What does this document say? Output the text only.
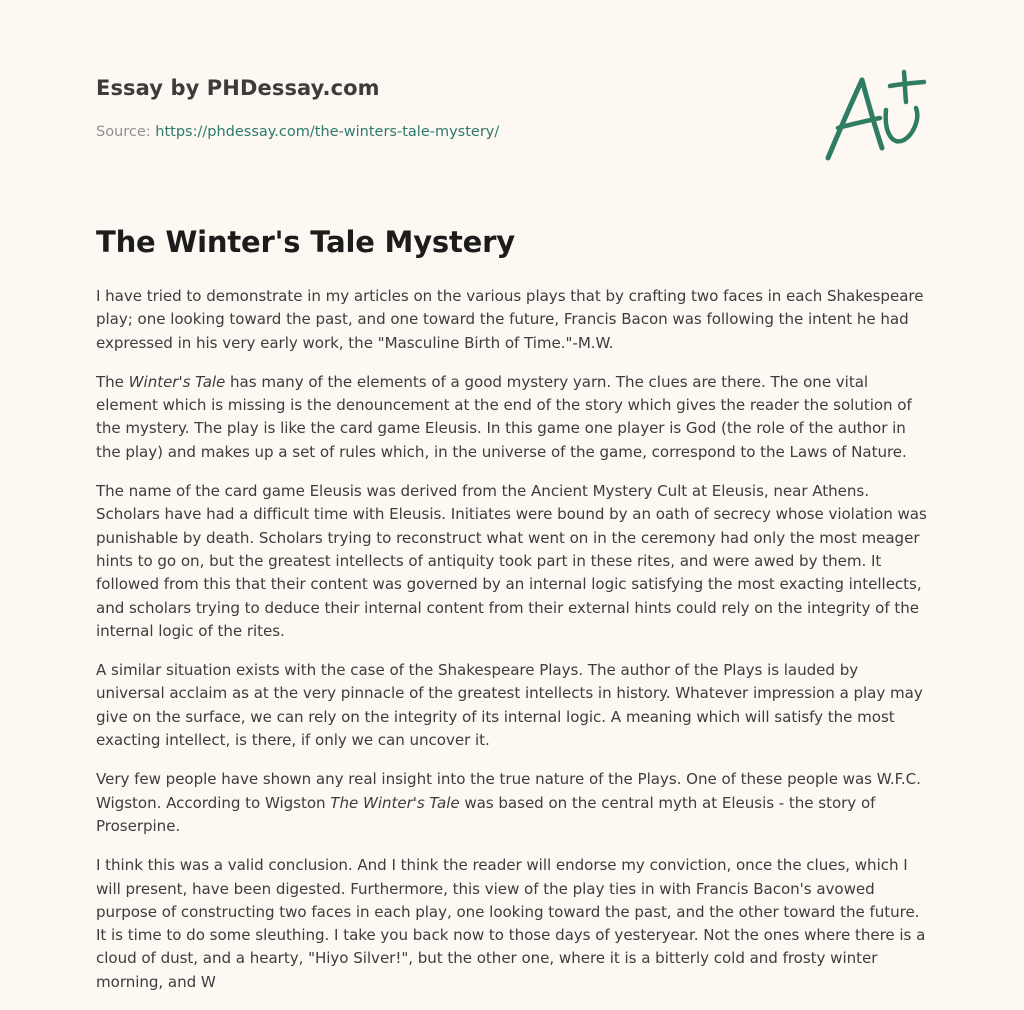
Essay by PHDessay.com
Source: https://phdessay.com/the-winters-tale-mystery/
The Winter's Tale Mystery

I have tried to demonstrate in my articles on the various plays that by crafting two faces in each Shakespeare play; one looking toward the past, and one toward the future, Francis Bacon was following the intent he had expressed in his very early work, the "Masculine Birth of Time."-M.W.

The Winter's Tale has many of the elements of a good mystery yarn. The clues are there. The one vital element which is missing is the denouncement at the end of the story which gives the reader the solution of the mystery. The play is like the card game Eleusis. In this game one player is God (the role of the author in the play) and makes up a set of rules which, in the universe of the game, correspond to the Laws of Nature.

The name of the card game Eleusis was derived from the Ancient Mystery Cult at Eleusis, near Athens. Scholars have had a difficult time with Eleusis. Initiates were bound by an oath of secrecy whose violation was punishable by death. Scholars trying to reconstruct what went on in the ceremony had only the most meager hints to go on, but the greatest intellects of antiquity took part in these rites, and were awed by them. It followed from this that their content was governed by an internal logic satisfying the most exacting intellects, and scholars trying to deduce their internal content from their external hints could rely on the integrity of the internal logic of the rites.

A similar situation exists with the case of the Shakespeare Plays. The author of the Plays is lauded by universal acclaim as at the very pinnacle of the greatest intellects in history. Whatever impression a play may give on the surface, we can rely on the integrity of its internal logic. A meaning which will satisfy the most exacting intellect, is there, if only we can uncover it.

Very few people have shown any real insight into the true nature of the Plays. One of these people was W.F.C. Wigston. According to Wigston The Winter's Tale was based on the central myth at Eleusis - the story of Proserpine.

I think this was a valid conclusion. And I think the reader will endorse my conviction, once the clues, which I will present, have been digested. Furthermore, this view of the play ties in with Francis Bacon's avowed purpose of constructing two faces in each play, one looking toward the past, and the other toward the future. It is time to do some sleuthing. I take you back now to those days of yesteryear. Not the ones where there is a cloud of dust, and a hearty, "Hiyo Silver!", but the other one, where it is a bitterly cold and frosty winter morning, and W
